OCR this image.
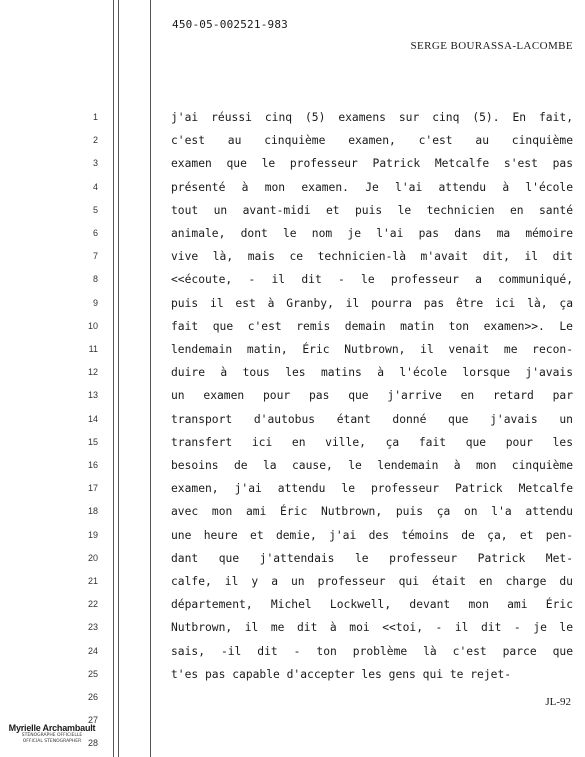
450-05-002521-983
SERGE BOURASSA-LACOMBE
1
2
3
4
5
6
7
8
9
10
11
12
13
14
15
16
17
18
19
20
21
22
23
24
25
26
27
28
j'ai réussi cinq (5) examens sur cinq (5). En fait,
c'est au cinquième examen, c'est au cinquième
examen que le professeur Patrick Metcalfe s'est pas
présenté à mon examen. Je l'ai attendu à l'école
tout un avant-midi et puis le technicien en santé
animale, dont le nom je l'ai pas dans ma mémoire
vive là, mais ce technicien-là m'avait dit, il dit
<<écoute, - il dit - le professeur a communiqué,
puis il est à Granby, il pourra pas être ici là, ça
fait que c'est remis demain matin ton examen>>. Le
lendemain matin, Éric Nutbrown, il venait me recon-
duire à tous les matins à l'école lorsque j'avais
un examen pour pas que j'arrive en retard par
transport d'autobus étant donné que j'avais un
transfert ici en ville, ça fait que pour les
besoins de la cause, le lendemain à mon cinquième
examen, j'ai attendu le professeur Patrick Metcalfe
avec mon ami Éric Nutbrown, puis ça on l'a attendu
une heure et demie, j'ai des témoins de ça, et pen-
dant que j'attendais le professeur Patrick Met-
calfe, il y a un professeur qui était en charge du
département, Michel Lockwell, devant mon ami Éric
Nutbrown, il me dit à moi <<toi, - il dit - je le
sais, -il dit - ton problème là c'est parce que
t'es pas capable d'accepter les gens qui te rejet-
JL-92
Myrielle Archambault
STÉNOGRAPHE OFFICIELLE
OFFICIAL STENOGRAPHER
